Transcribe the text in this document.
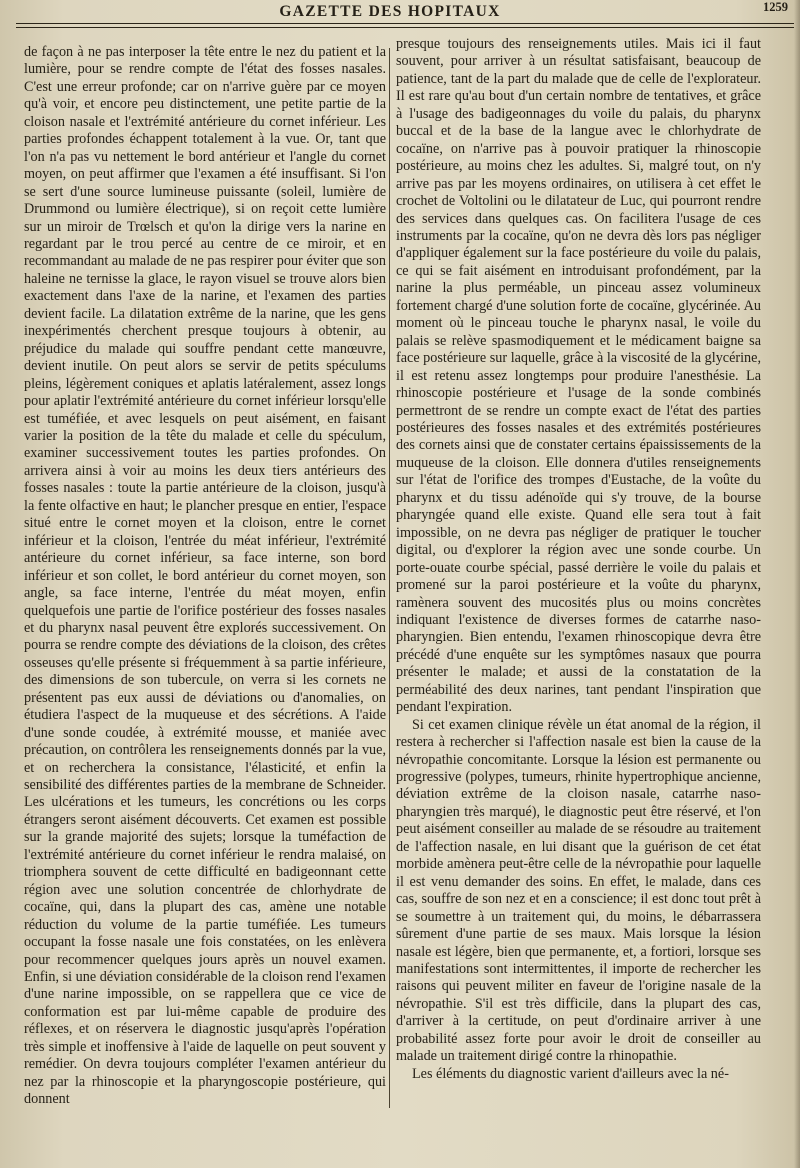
GAZETTE DES HOPITAUX	1259

de façon à ne pas interposer la tête entre le nez du patient et la lumière, pour se rendre compte de l'état des fosses nasales. C'est une erreur profonde; car on n'arrive guère par ce moyen qu'à voir, et encore peu distinctement, une petite partie de la cloison nasale et l'extrémité antérieure du cornet inférieur. Les parties profondes échappent totalement à la vue. Or, tant que l'on n'a pas vu nettement le bord antérieur et l'angle du cornet moyen, on peut affirmer que l'examen a été insuffisant. Si l'on se sert d'une source lumineuse puissante (soleil, lumière de Drummond ou lumière électrique), si on reçoit cette lumière sur un miroir de Trœlsch et qu'on la dirige vers la narine en regardant par le trou percé au centre de ce miroir, et en recommandant au malade de ne pas respirer pour éviter que son haleine ne ternisse la glace, le rayon visuel se trouve alors bien exactement dans l'axe de la narine, et l'examen des parties devient facile. La dilatation extrême de la narine, que les gens inexpérimentés cherchent presque toujours à obtenir, au préjudice du malade qui souffre pendant cette manœuvre, devient inutile. On peut alors se servir de petits spéculums pleins, légèrement coniques et aplatis latéralement, assez longs pour aplatir l'extrémité antérieure du cornet inférieur lorsqu'elle est tuméfiée, et avec lesquels on peut aisément, en faisant varier la position de la tête du malade et celle du spéculum, examiner successivement toutes les parties profondes. On arrivera ainsi à voir au moins les deux tiers antérieurs des fosses nasales : toute la partie antérieure de la cloison, jusqu'à la fente olfactive en haut; le plancher presque en entier, l'espace situé entre le cornet moyen et la cloison, entre le cornet inférieur et la cloison, l'entrée du méat inférieur, l'extrémité antérieure du cornet inférieur, sa face interne, son bord inférieur et son collet, le bord antérieur du cornet moyen, son angle, sa face interne, l'entrée du méat moyen, enfin quelquefois une partie de l'orifice postérieur des fosses nasales et du pharynx nasal peuvent être explorés successivement. On pourra se rendre compte des déviations de la cloison, des crêtes osseuses qu'elle présente si fréquemment à sa partie inférieure, des dimensions de son tubercule, on verra si les cornets ne présentent pas eux aussi de déviations ou d'anomalies, on étudiera l'aspect de la muqueuse et des sécrétions. A l'aide d'une sonde coudée, à extrémité mousse, et maniée avec précaution, on contrôlera les renseignements donnés par la vue, et on recherchera la consistance, l'élasticité, et enfin la sensibilité des différentes parties de la membrane de Schneider. Les ulcérations et les tumeurs, les concrétions ou les corps étrangers seront aisément découverts. Cet examen est possible sur la grande majorité des sujets; lorsque la tuméfaction de l'extrémité antérieure du cornet inférieur le rendra malaisé, on triomphera souvent de cette difficulté en badigeonnant cette région avec une solution concentrée de chlorhydrate de cocaïne, qui, dans la plupart des cas, amène une notable réduction du volume de la partie tuméfiée. Les tumeurs occupant la fosse nasale une fois constatées, on les enlèvera pour recommencer quelques jours après un nouvel examen. Enfin, si une déviation considérable de la cloison rend l'examen d'une narine impossible, on se rappellera que ce vice de conformation est par lui-même capable de produire des réflexes, et on réservera le diagnostic jusqu'après l'opération très simple et inoffensive à l'aide de laquelle on peut souvent y remédier. On devra toujours compléter l'examen antérieur du nez par la rhinoscopie et la pharyngoscopie postérieure, qui donnent

presque toujours des renseignements utiles. Mais ici il faut souvent, pour arriver à un résultat satisfaisant, beaucoup de patience, tant de la part du malade que de celle de l'explorateur. Il est rare qu'au bout d'un certain nombre de tentatives, et grâce à l'usage des badigeonnages du voile du palais, du pharynx buccal et de la base de la langue avec le chlorhydrate de cocaïne, on n'arrive pas à pouvoir pratiquer la rhinoscopie postérieure, au moins chez les adultes. Si, malgré tout, on n'y arrive pas par les moyens ordinaires, on utilisera à cet effet le crochet de Voltolini ou le dilatateur de Luc, qui pourront rendre des services dans quelques cas. On facilitera l'usage de ces instruments par la cocaïne, qu'on ne devra dès lors pas négliger d'appliquer également sur la face postérieure du voile du palais, ce qui se fait aisément en introduisant profondément, par la narine la plus perméable, un pinceau assez volumineux fortement chargé d'une solution forte de cocaïne, glycérinée. Au moment où le pinceau touche le pharynx nasal, le voile du palais se relève spasmodiquement et le médicament baigne sa face postérieure sur laquelle, grâce à la viscosité de la glycérine, il est retenu assez longtemps pour produire l'anesthésie. La rhinoscopie postérieure et l'usage de la sonde combinés permettront de se rendre un compte exact de l'état des parties postérieures des fosses nasales et des extrémités postérieures des cornets ainsi que de constater certains épaississements de la muqueuse de la cloison. Elle donnera d'utiles renseignements sur l'état de l'orifice des trompes d'Eustache, de la voûte du pharynx et du tissu adénoïde qui s'y trouve, de la bourse pharyngée quand elle existe. Quand elle sera tout à fait impossible, on ne devra pas négliger de pratiquer le toucher digital, ou d'explorer la région avec une sonde courbe. Un porte-ouate courbe spécial, passé derrière le voile du palais et promené sur la paroi postérieure et la voûte du pharynx, ramènera souvent des mucosités plus ou moins concrètes indiquant l'existence de diverses formes de catarrhe naso-pharyngien. Bien entendu, l'examen rhinoscopique devra être précédé d'une enquête sur les symptômes nasaux que pourra présenter le malade; et aussi de la constatation de la perméabilité des deux narines, tant pendant l'inspiration que pendant l'expiration.

Si cet examen clinique révèle un état anomal de la région, il restera à rechercher si l'affection nasale est bien la cause de la névropathie concomitante. Lorsque la lésion est permanente ou progressive (polypes, tumeurs, rhinite hypertrophique ancienne, déviation extrême de la cloison nasale, catarrhe naso-pharyngien très marqué), le diagnostic peut être réservé, et l'on peut aisément conseiller au malade de se résoudre au traitement de l'affection nasale, en lui disant que la guérison de cet état morbide amènera peut-être celle de la névropathie pour laquelle il est venu demander des soins. En effet, le malade, dans ces cas, souffre de son nez et en a conscience; il est donc tout prêt à se soumettre à un traitement qui, du moins, le débarrassera sûrement d'une partie de ses maux. Mais lorsque la lésion nasale est légère, bien que permanente, et, a fortiori, lorsque ses manifestations sont intermittentes, il importe de rechercher les raisons qui peuvent militer en faveur de l'origine nasale de la névropathie. S'il est très difficile, dans la plupart des cas, d'arriver à la certitude, on peut d'ordinaire arriver à une probabilité assez forte pour avoir le droit de conseiller au malade un traitement dirigé contre la rhinopathie.

Les éléments du diagnostic varient d'ailleurs avec la né-
